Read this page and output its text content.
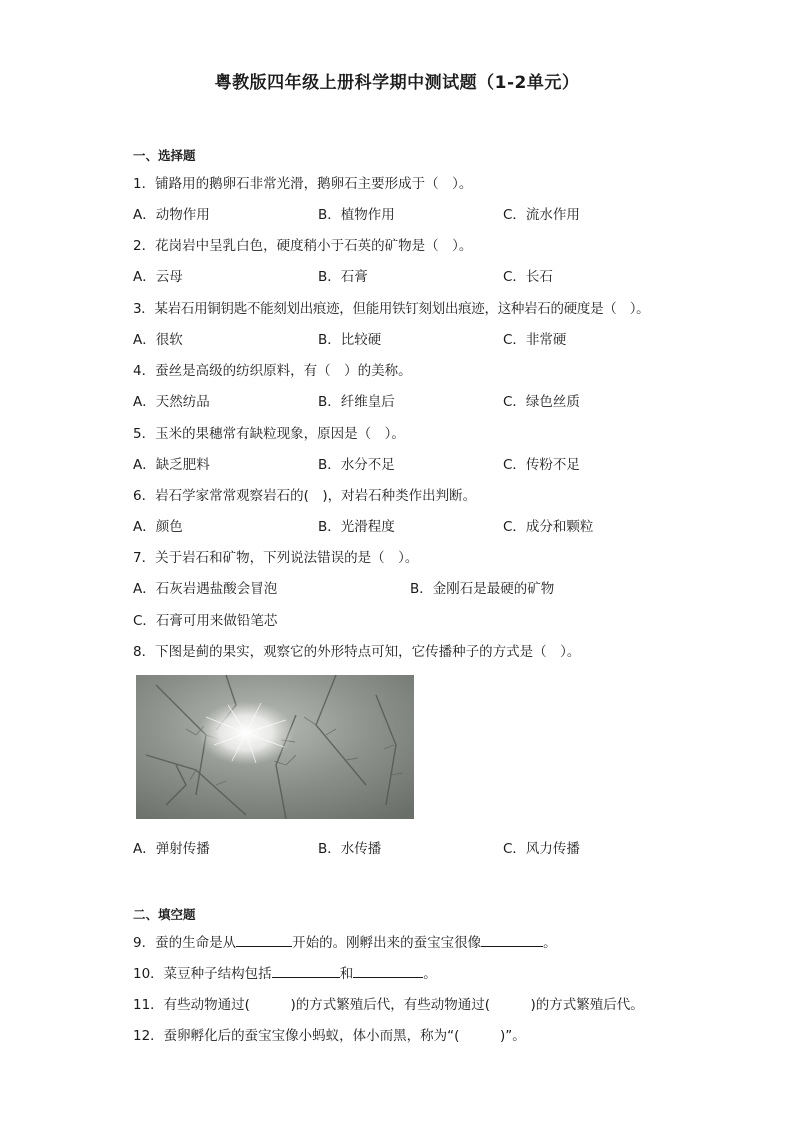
粤教版四年级上册科学期中测试题（1-2单元）
一、选择题
1．铺路用的鹅卵石非常光滑，鹅卵石主要形成于（　）。
A．动物作用	B．植物作用	C．流水作用
2．花岗岩中呈乳白色，硬度稍小于石英的矿物是（　）。
A．云母	B．石膏	C．长石
3．某岩石用铜钥匙不能刻划出痕迹，但能用铁钉刻划出痕迹，这种岩石的硬度是（　）。
A．很软	B．比较硬	C．非常硬
4．蚕丝是高级的纺织原料，有（　）的美称。
A．天然纺品	B．纤维皇后	C．绿色丝质
5．玉米的果穗常有缺粒现象，原因是（　）。
A．缺乏肥料	B．水分不足	C．传粉不足
6．岩石学家常常观察岩石的(　)，对岩石种类作出判断。
A．颜色	B．光滑程度	C．成分和颗粒
7．关于岩石和矿物，下列说法错误的是（　）。
A．石灰岩遇盐酸会冒泡	B．金刚石是最硬的矿物
C．石膏可用来做铅笔芯
8．下图是蓟的果实，观察它的外形特点可知，它传播种子的方式是（　）。
A．弹射传播	B．水传播	C．风力传播
二、填空题
9．蚕的生命是从	开始的。刚孵出来的蚕宝宝很像	。
10．菜豆种子结构包括	和	。
11．有些动物通过(　　　)的方式繁殖后代，有些动物通过(　　　)的方式繁殖后代。
12．蚕卵孵化后的蚕宝宝像小蚂蚁，体小而黑，称为“(　　　)”。
